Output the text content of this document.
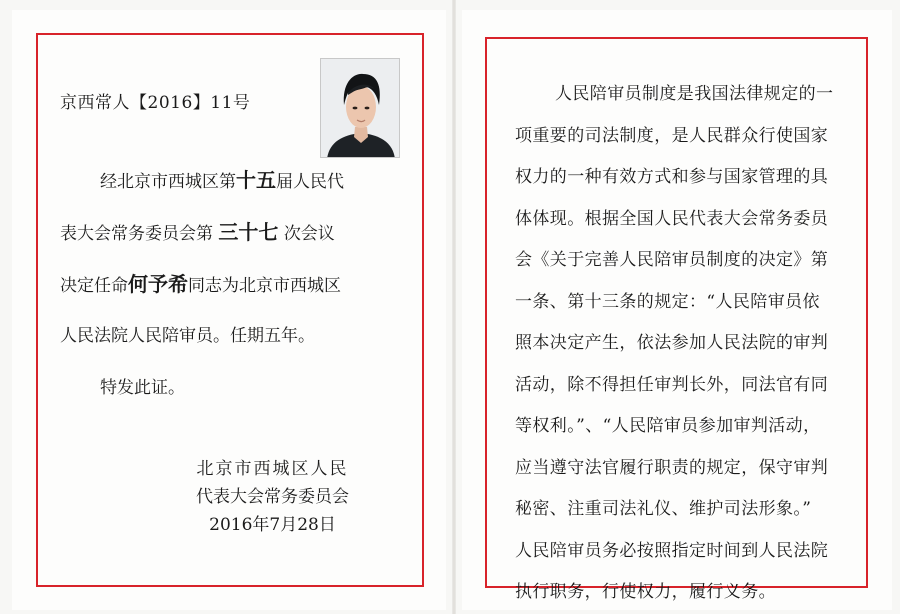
京西常人【2016】11号
经北京市西城区第十五届人民代
表大会常务委员会第 三十七 次会议
决定任命何予希同志为北京市西城区
人民法院人民陪审员。任期五年。
特发此证。
北京市西城区人民
代表大会常务委员会
2016年7月28日
人民陪审员制度是我国法律规定的一
项重要的司法制度，是人民群众行使国家
权力的一种有效方式和参与国家管理的具
体体现。根据全国人民代表大会常务委员
会《关于完善人民陪审员制度的决定》第
一条、第十三条的规定：“人民陪审员依
照本决定产生，依法参加人民法院的审判
活动，除不得担任审判长外，同法官有同
等权利。”、“人民陪审员参加审判活动，
应当遵守法官履行职责的规定，保守审判
秘密、注重司法礼仪、维护司法形象。”
人民陪审员务必按照指定时间到人民法院
执行职务，行使权力，履行义务。
